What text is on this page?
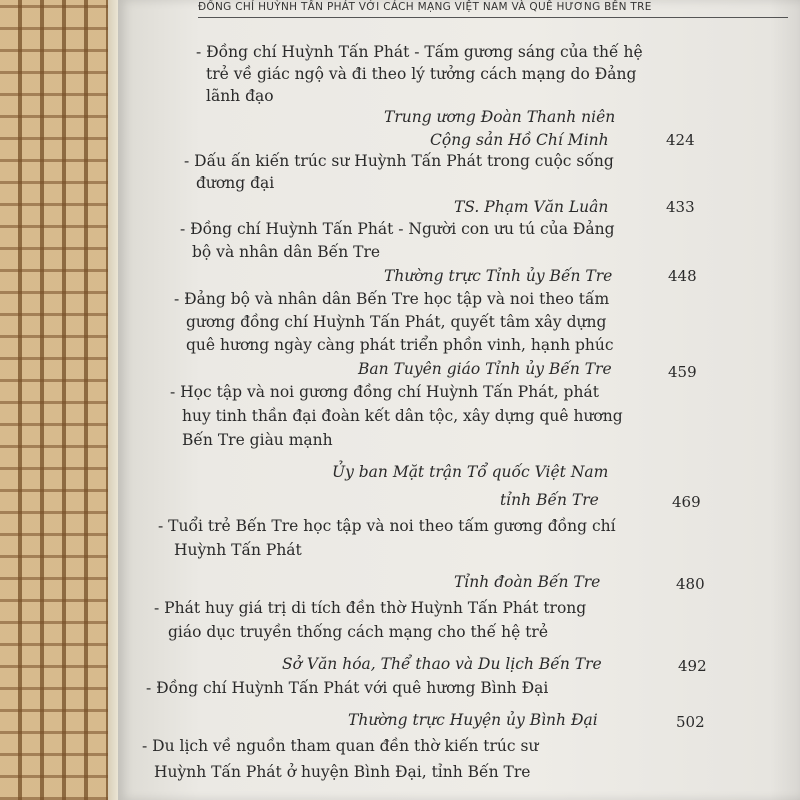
ĐỒNG CHÍ HUỲNH TẤN PHÁT VỚI CÁCH MẠNG VIỆT NAM VÀ QUÊ HƯƠNG BẾN TRE
- Đồng chí Huỳnh Tấn Phát - Tấm gương sáng của thế hệ
trẻ về giác ngộ và đi theo lý tưởng cách mạng do Đảng
lãnh đạo
Trung ương Đoàn Thanh niên
Cộng sản Hồ Chí Minh	424
- Dấu ấn kiến trúc sư Huỳnh Tấn Phát trong cuộc sống
đương đại
TS. Phạm Văn Luân	433
- Đồng chí Huỳnh Tấn Phát - Người con ưu tú của Đảng
bộ và nhân dân Bến Tre
Thường trực Tỉnh ủy Bến Tre	448
- Đảng bộ và nhân dân Bến Tre học tập và noi theo tấm
gương đồng chí Huỳnh Tấn Phát, quyết tâm xây dựng
quê hương ngày càng phát triển phồn vinh, hạnh phúc
Ban Tuyên giáo Tỉnh ủy Bến Tre	459
- Học tập và noi gương đồng chí Huỳnh Tấn Phát, phát
huy tinh thần đại đoàn kết dân tộc, xây dựng quê hương
Bến Tre giàu mạnh
Ủy ban Mặt trận Tổ quốc Việt Nam
tỉnh Bến Tre	469
- Tuổi trẻ Bến Tre học tập và noi theo tấm gương đồng chí
Huỳnh Tấn Phát
Tỉnh đoàn Bến Tre	480
- Phát huy giá trị di tích đền thờ Huỳnh Tấn Phát trong
giáo dục truyền thống cách mạng cho thế hệ trẻ
Sở Văn hóa, Thể thao và Du lịch Bến Tre	492
- Đồng chí Huỳnh Tấn Phát với quê hương Bình Đại
Thường trực Huyện ủy Bình Đại	502
- Du lịch về nguồn tham quan đền thờ kiến trúc sư
Huỳnh Tấn Phát ở huyện Bình Đại, tỉnh Bến Tre
